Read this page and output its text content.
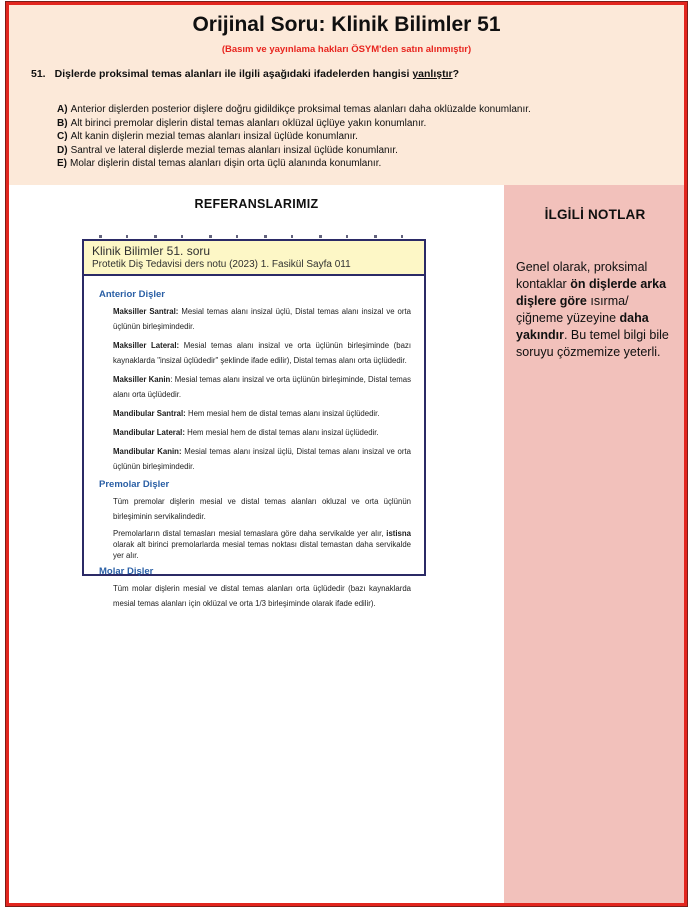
Orijinal Soru: Klinik Bilimler 51
(Basım ve yayınlama hakları ÖSYM'den satın alınmıştır)
51. Dişlerde proksimal temas alanları ile ilgili aşağıdaki ifadelerden hangisi yanlıştır?
A) Anterior dişlerden posterior dişlere doğru gidildikçe proksimal temas alanları daha oklüzalde konumlanır.
B) Alt birinci premolar dişlerin distal temas alanları oklüzal üçlüye yakın konumlanır.
C) Alt kanin dişlerin mezial temas alanları insizal üçlüde konumlanır.
D) Santral ve lateral dişlerde mezial temas alanları insizal üçlüde konumlanır.
E) Molar dişlerin distal temas alanları dişin orta üçlü alanında konumlanır.
REFERANSLARIMIZ
Klinik Bilimler 51. soru
Protetik Diş Tedavisi ders notu (2023) 1. Fasikül Sayfa 011
Anterior Dişler
Maksiller Santral: Mesial temas alanı insizal üçlü, Distal temas alanı insizal ve orta üçlünün birleşimindedir.
Maksiller Lateral: Mesial temas alanı insizal ve orta üçlünün birleşiminde (bazı kaynaklarda "insizal üçlüdedir" şeklinde ifade edilir), Distal temas alanı orta üçlüdedir.
Maksiller Kanin: Mesial temas alanı insizal ve orta üçlünün birleşiminde, Distal temas alanı orta üçlüdedir.
Mandibular Santral: Hem mesial hem de distal temas alanı insizal üçlüdedir.
Mandibular Lateral: Hem mesial hem de distal temas alanı insizal üçlüdedir.
Mandibular Kanin: Mesial temas alanı insizal üçlü, Distal temas alanı insizal ve orta üçlünün birleşimindedir.
Premolar Dişler
Tüm premolar dişlerin mesial ve distal temas alanları okluzal ve orta üçlünün birleşiminin servikalindedir.
Premolarların distal temasları mesial temaslara göre daha servikalde yer alır, istisna olarak alt birinci premolarlarda mesial temas noktası distal temastan daha servikalde yer alır.
Molar Dişler
Tüm molar dişlerin mesial ve distal temas alanları orta üçlüdedir (bazı kaynaklarda mesial temas alanları için oklüzal ve orta 1/3 birleşiminde olarak ifade edilir).
İLGİLİ NOTLAR

Genel olarak, proksimal kontaklar ön dişlerde arka dişlere göre ısırma/çiğneme yüzeyine daha yakındır. Bu temel bilgi bile soruyu çözmemize yeterli.
